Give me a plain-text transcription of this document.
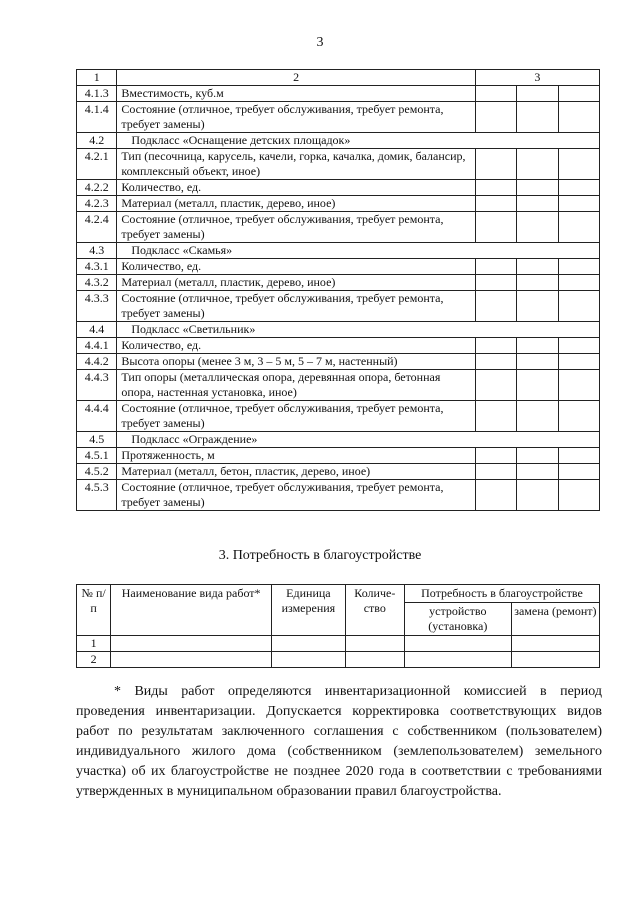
3
1	2	3		
4.1.3	Вместимость, куб.м			
4.1.4	Состояние (отличное, требует обслуживания, требует ремонта, требует замены)			
4.2	Подкласс «Оснащение детских площадок»			
4.2.1	Тип (песочница, карусель, качели, горка, качалка, домик, балансир, комплексный объект, иное)			
4.2.2	Количество, ед.			
4.2.3	Материал (металл, пластик, дерево, иное)			
4.2.4	Состояние (отличное, требует обслуживания, требует ремонта, требует замены)			
4.3	Подкласс «Скамья»			
4.3.1	Количество, ед.			
4.3.2	Материал (металл, пластик, дерево, иное)			
4.3.3	Состояние (отличное, требует обслуживания, требует ремонта, требует замены)			
4.4	Подкласс «Светильник»			
4.4.1	Количество, ед.			
4.4.2	Высота опоры (менее 3 м, 3 – 5 м, 5 – 7 м, настенный)			
4.4.3	Тип опоры (металлическая опора, деревянная опора, бетонная опора, настенная установка, иное)			
4.4.4	Состояние (отличное, требует обслуживания, требует ремонта, требует замены)			
4.5	Подкласс «Ограждение»			
4.5.1	Протяженность, м			
4.5.2	Материал (металл, бетон, пластик, дерево, иное)			
4.5.3	Состояние (отличное, требует обслуживания, требует ремонта, требует замены)			
3. Потребность в благоустройстве
№ п/п	Наименование вида работ*	Единица измерения	Количе-ство	Потребность в благоустройстве	
				устройство (установка)	замена (ремонт)
1					
2					
* Виды работ определяются инвентаризационной комиссией в период проведения инвентаризации. Допускается корректировка соответствующих видов работ по результатам заключенного соглашения с собственником (пользователем) индивидуального жилого дома (собственником (землепользователем) земельного участка) об их благоустройстве не позднее 2020 года в соответствии с требованиями утвержденных в муниципальном образовании правил благоустройства.
